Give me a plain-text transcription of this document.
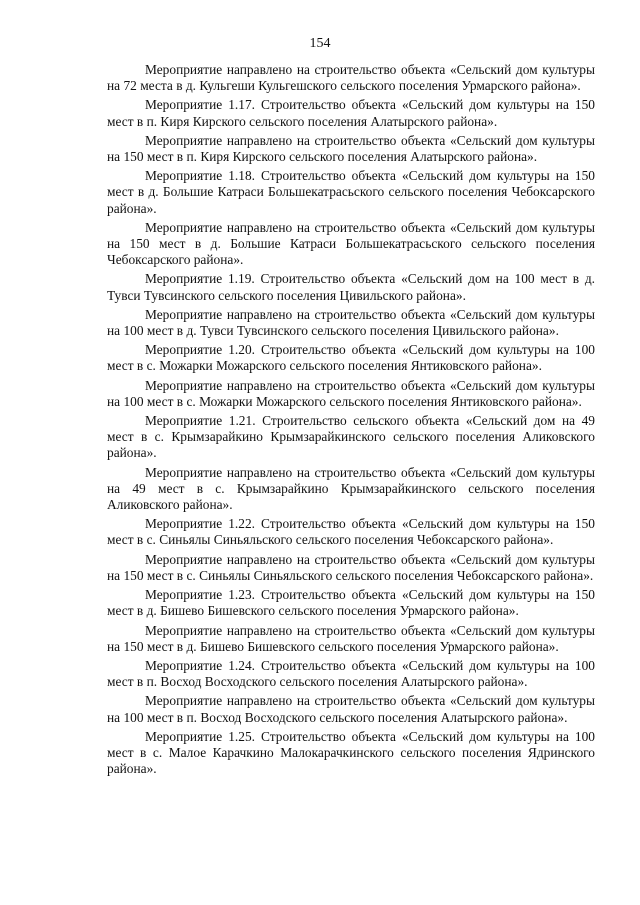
154

Мероприятие направлено на строительство объекта «Сельский дом культуры на 72 места в д. Кульгеши Кульгешского сельского поселения Урмарского района».

Мероприятие 1.17. Строительство объекта «Сельский дом культуры на 150 мест в п. Киря Кирского сельского поселения Алатырского района».

Мероприятие направлено на строительство объекта «Сельский дом культуры на 150 мест в п. Киря Кирского сельского поселения Алатырского района».

Мероприятие 1.18. Строительство объекта «Сельский дом культуры на 150 мест в д. Большие Катраси Большекатрасьского сельского поселения Чебоксарского района».

Мероприятие направлено на строительство объекта «Сельский дом культуры на 150 мест в д. Большие Катраси Большекатрасьского сельского поселения Чебоксарского района».

Мероприятие 1.19. Строительство объекта «Сельский дом на 100 мест в д. Тувси Тувсинского сельского поселения Цивильского района».

Мероприятие направлено на строительство объекта «Сельский дом культуры на 100 мест в д. Тувси Тувсинского сельского поселения Цивильского района».

Мероприятие 1.20. Строительство объекта «Сельский дом культуры на 100 мест в с. Можарки Можарского сельского поселения Янтиковского района».

Мероприятие направлено на строительство объекта «Сельский дом культуры на 100 мест в с. Можарки Можарского сельского поселения Янтиковского района».

Мероприятие 1.21. Строительство сельского объекта «Сельский дом на 49 мест в с. Крымзарайкино Крымзарайкинского сельского поселения Аликовского района».

Мероприятие направлено на строительство объекта «Сельский дом культуры на 49 мест в с. Крымзарайкино Крымзарайкинского сельского поселения Аликовского района».

Мероприятие 1.22. Строительство объекта «Сельский дом культуры на 150 мест в с. Синьялы Синьяльского сельского поселения Чебоксарского района».

Мероприятие направлено на строительство объекта «Сельский дом культуры на 150 мест в с. Синьялы Синьяльского сельского поселения Чебоксарского района».

Мероприятие 1.23. Строительство объекта «Сельский дом культуры на 150 мест в д. Бишево Бишевского сельского поселения Урмарского района».

Мероприятие направлено на строительство объекта «Сельский дом культуры на 150 мест в д. Бишево Бишевского сельского поселения Урмарского района».

Мероприятие 1.24. Строительство объекта «Сельский дом культуры на 100 мест в п. Восход Восходского сельского поселения Алатырского района».

Мероприятие направлено на строительство объекта «Сельский дом культуры на 100 мест в п. Восход Восходского сельского поселения Алатырского района».

Мероприятие 1.25. Строительство объекта «Сельский дом культуры на 100 мест в с. Малое Карачкино Малокарачкинского сельского поселения Ядринского района».
